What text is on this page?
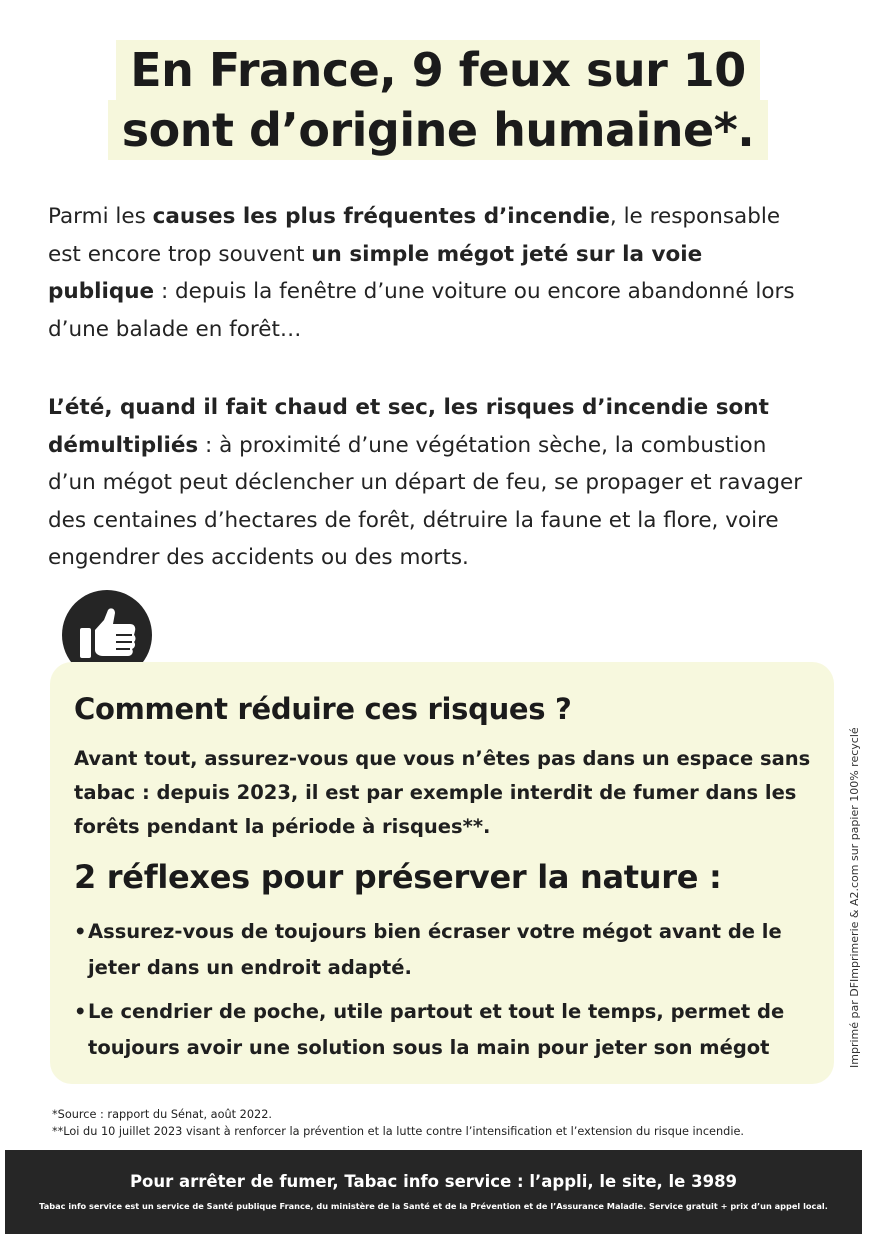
En France, 9 feux sur 10
sont d’origine humaine*.

Parmi les causes les plus fréquentes d’incendie, le responsable est encore trop souvent un simple mégot jeté sur la voie publique : depuis la fenêtre d’une voiture ou encore abandonné lors d’une balade en forêt…

L’été, quand il fait chaud et sec, les risques d’incendie sont démultipliés : à proximité d’une végétation sèche, la combustion d’un mégot peut déclencher un départ de feu, se propager et ravager des centaines d’hectares de forêt, détruire la faune et la flore, voire engendrer des accidents ou des morts.

Comment réduire ces risques ?

Avant tout, assurez-vous que vous n’êtes pas dans un espace sans tabac : depuis 2023, il est par exemple interdit de fumer dans les forêts pendant la période à risques**.

2 réflexes pour préserver la nature :
• Assurez-vous de toujours bien écraser votre mégot avant de le jeter dans un endroit adapté.
• Le cendrier de poche, utile partout et tout le temps, permet de toujours avoir une solution sous la main pour jeter son mégot	Imprimé par DFImprimerie & A2.com sur papier 100% recyclé
*Source : rapport du Sénat, août 2022.
**Loi du 10 juillet 2023 visant à renforcer la prévention et la lutte contre l’intensification et l’extension du risque incendie.
Pour arrêter de fumer, Tabac info service : l’appli, le site, le 3989
Tabac info service est un service de Santé publique France, du ministère de la Santé et de la Prévention et de l’Assurance Maladie. Service gratuit + prix d’un appel local.
